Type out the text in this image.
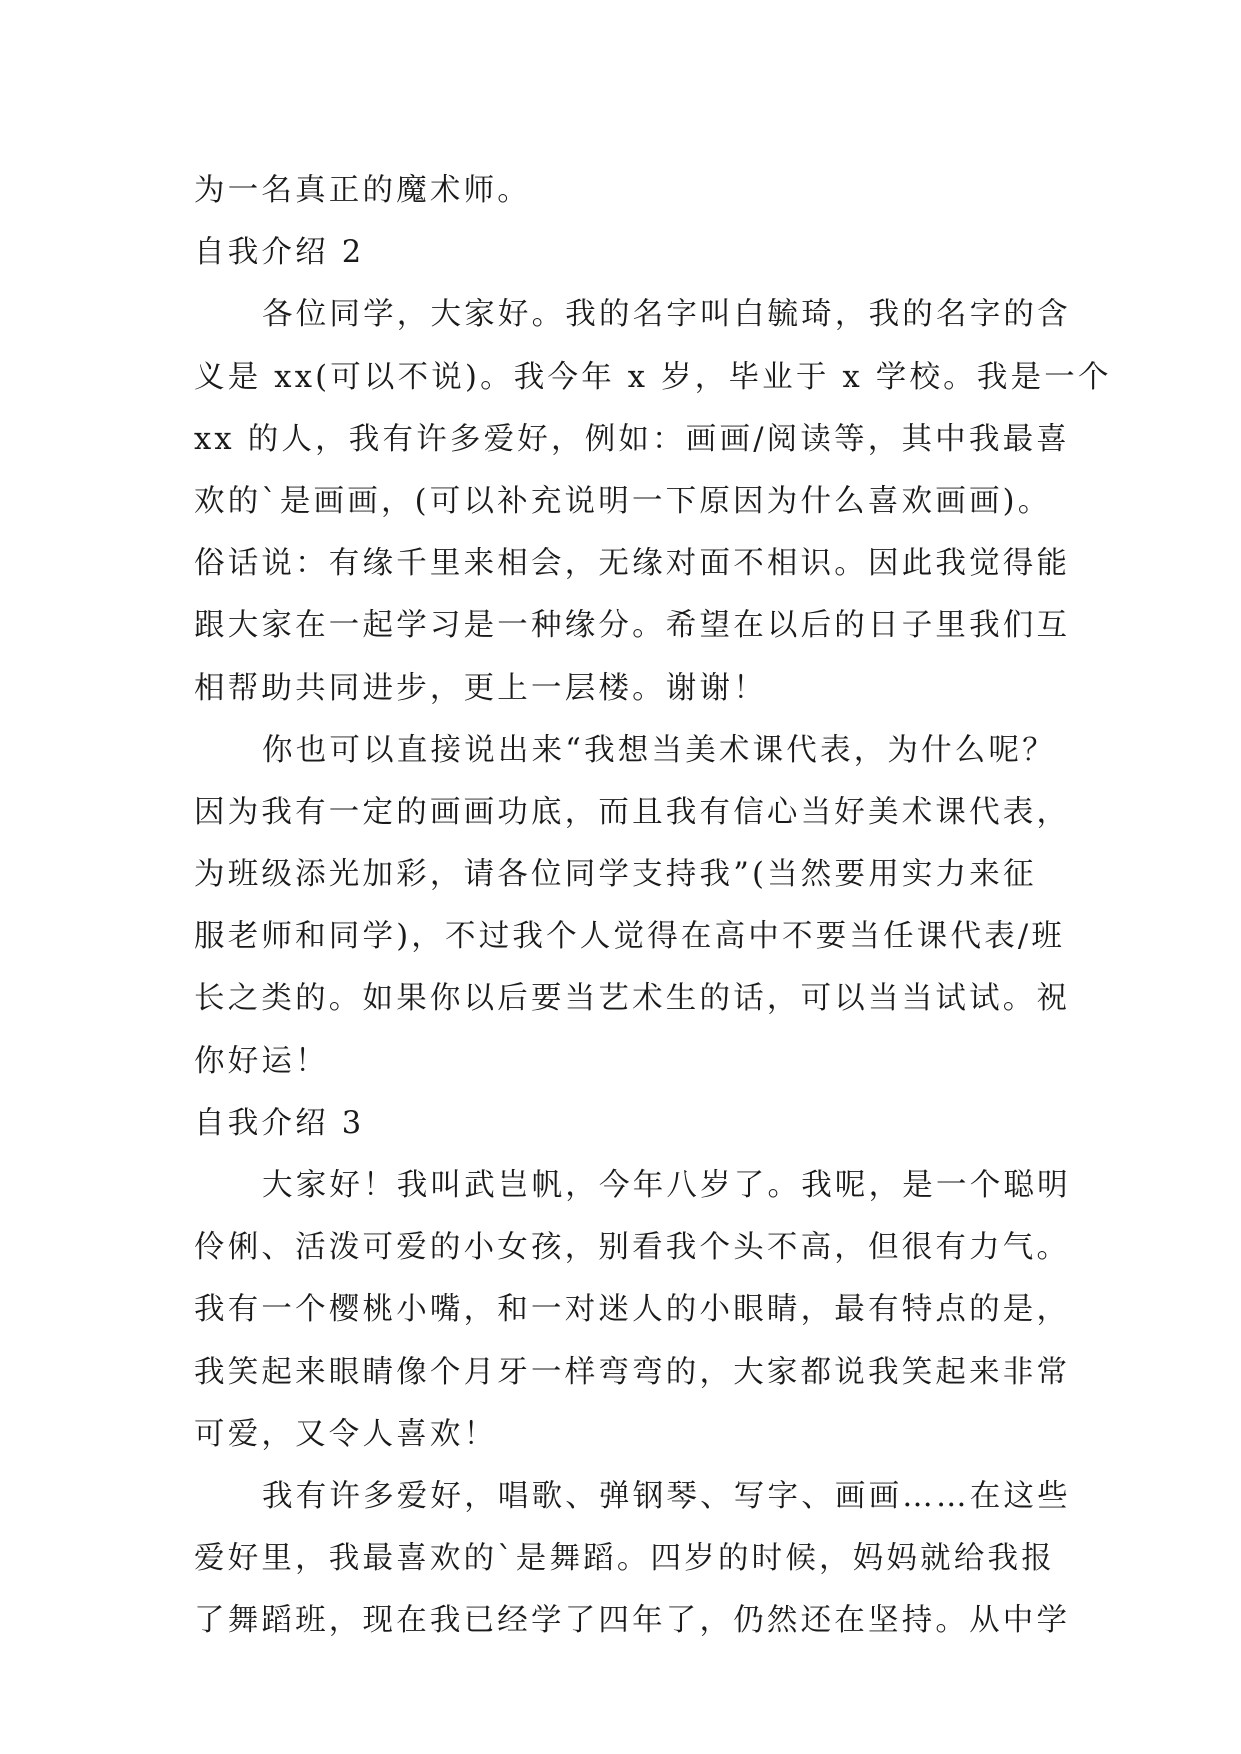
为一名真正的魔术师。
自我介绍 2
各位同学，大家好。我的名字叫白毓琦，我的名字的含
义是 xx(可以不说)。我今年 x 岁，毕业于 x 学校。我是一个
xx 的人，我有许多爱好，例如：画画/阅读等，其中我最喜
欢的`是画画，(可以补充说明一下原因为什么喜欢画画)。
俗话说：有缘千里来相会，无缘对面不相识。因此我觉得能
跟大家在一起学习是一种缘分。希望在以后的日子里我们互
相帮助共同进步，更上一层楼。谢谢！
你也可以直接说出来“我想当美术课代表，为什么呢？
因为我有一定的画画功底，而且我有信心当好美术课代表，
为班级添光加彩，请各位同学支持我”(当然要用实力来征
服老师和同学)，不过我个人觉得在高中不要当任课代表/班
长之类的。如果你以后要当艺术生的话，可以当当试试。祝
你好运！
自我介绍 3
大家好！我叫武岂帆，今年八岁了。我呢，是一个聪明
伶俐、活泼可爱的小女孩，别看我个头不高，但很有力气。
我有一个樱桃小嘴，和一对迷人的小眼睛，最有特点的是，
我笑起来眼睛像个月牙一样弯弯的，大家都说我笑起来非常
可爱，又令人喜欢！
我有许多爱好，唱歌、弹钢琴、写字、画画……在这些
爱好里，我最喜欢的`是舞蹈。四岁的时候，妈妈就给我报
了舞蹈班，现在我已经学了四年了，仍然还在坚持。从中学
